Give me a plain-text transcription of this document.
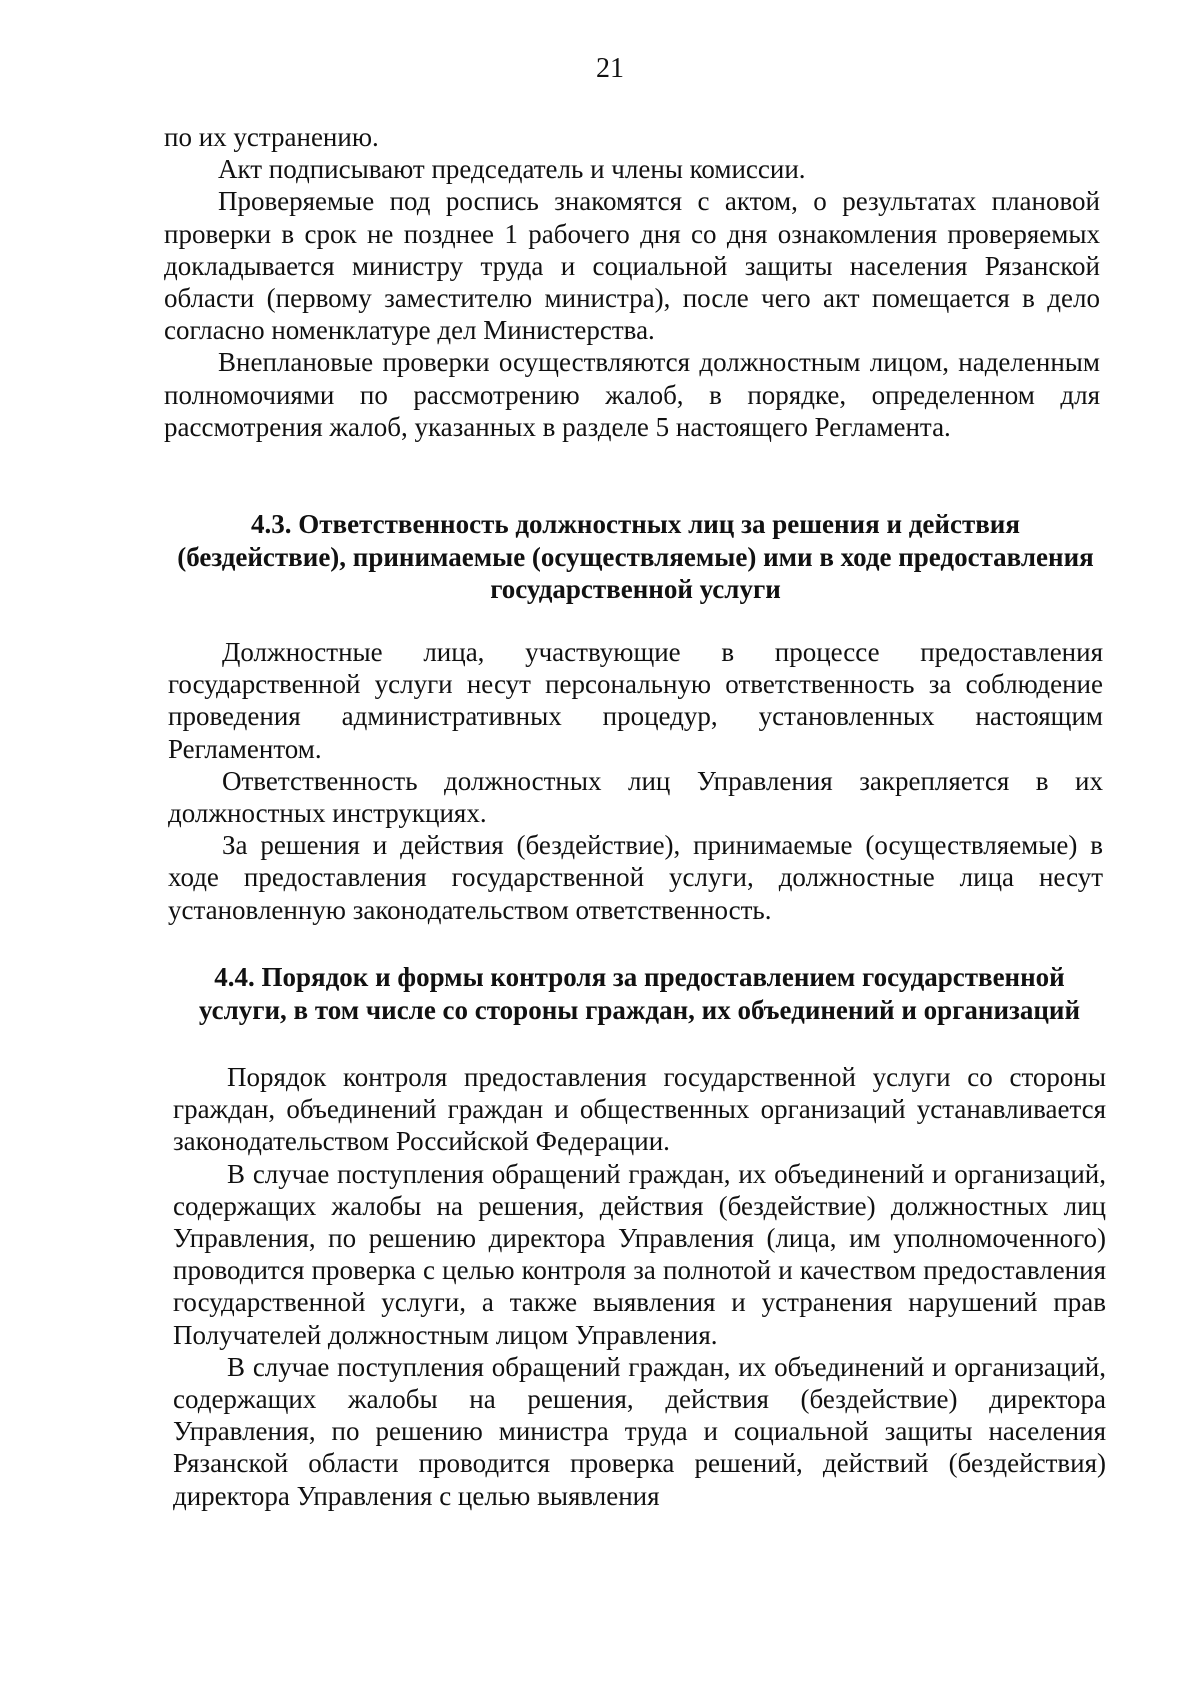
21

по их устранению.

Акт подписывают председатель и члены комиссии.

Проверяемые под роспись знакомятся с актом, о результатах плановой проверки в срок не позднее 1 рабочего дня со дня ознакомления проверяемых докладывается министру труда и социальной защиты населения Рязанской области (первому заместителю министра), после чего акт помещается в дело согласно номенклатуре дел Министерства.

Внеплановые проверки осуществляются должностным лицом, наделенным полномочиями по рассмотрению жалоб, в порядке, определенном для рассмотрения жалоб, указанных в разделе 5 настоящего Регламента.

4.3. Ответственность должностных лиц за решения и действия
(бездействие), принимаемые (осуществляемые) ими в ходе предоставления
государственной услуги

Должностные лица, участвующие в процессе предоставления государственной услуги несут персональную ответственность за соблюдение проведения административных процедур, установленных настоящим Регламентом.

Ответственность должностных лиц Управления закрепляется в их должностных инструкциях.

За решения и действия (бездействие), принимаемые (осуществляемые) в ходе предоставления государственной услуги, должностные лица несут установленную законодательством ответственность.

4.4. Порядок и формы контроля за предоставлением государственной
услуги, в том числе со стороны граждан, их объединений и организаций

Порядок контроля предоставления государственной услуги со стороны граждан, объединений граждан и общественных организаций устанавливается законодательством Российской Федерации.

В случае поступления обращений граждан, их объединений и организаций, содержащих жалобы на решения, действия (бездействие) должностных лиц Управления, по решению директора Управления (лица, им уполномоченного) проводится проверка с целью контроля за полнотой и качеством предоставления государственной услуги, а также выявления и устранения нарушений прав Получателей должностным лицом Управления.

В случае поступления обращений граждан, их объединений и организаций, содержащих жалобы на решения, действия (бездействие) директора Управления, по решению министра труда и социальной защиты населения Рязанской области проводится проверка решений, действий (бездействия) директора Управления с целью выявления
